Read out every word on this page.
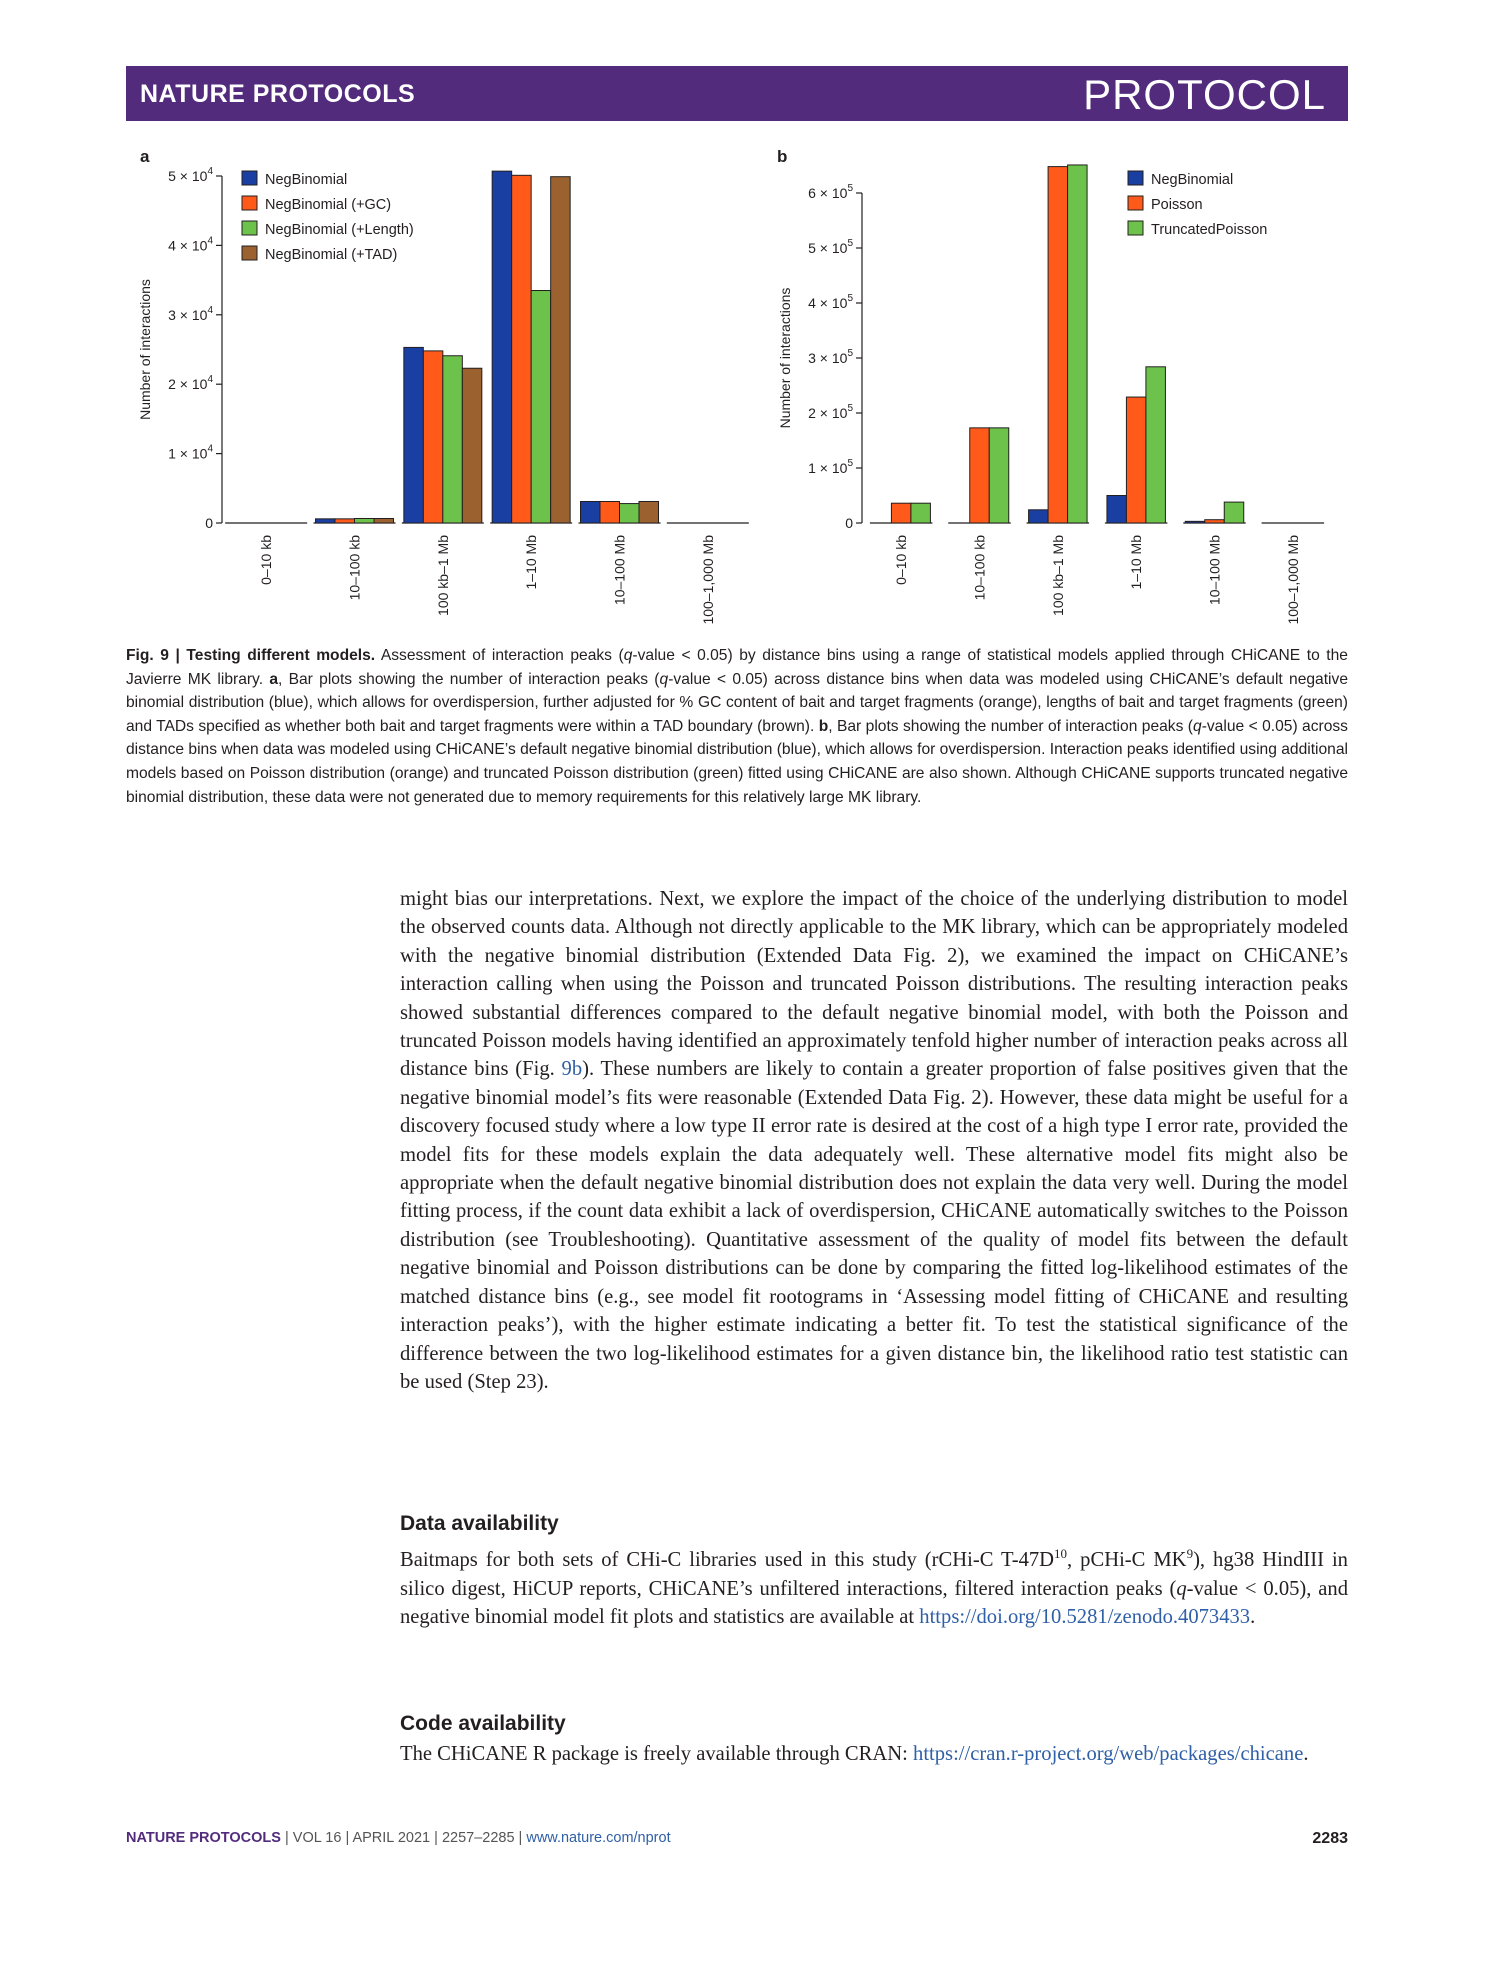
NATURE PROTOCOLS	PROTOCOL
a
0
$1 \times 10^4$
$2 \times 10^4$
$3 \times 10^4$
$4 \times 10^4$
$5 \times 10^4$
Number of interactions
0–10 kb	10–100 kb	100 kb–1 Mb	1–10 Mb	10–100 Mb	100–1,000 Mb
NegBinomial
NegBinomial (+GC)
NegBinomial (+Length)
NegBinomial (+TAD)
b
0
$1 \times 10^5$
$2 \times 10^5$
$3 \times 10^5$
$4 \times 10^5$
$5 \times 10^5$
$6 \times 10^5$
Number of interactions
0–10 kb	10–100 kb	100 kb–1 Mb	1–10 Mb	10–100 Mb	100–1,000 Mb
NegBinomial
Poisson
TruncatedPoisson
Fig. 9 | Testing different models. Assessment of interaction peaks (q-value < 0.05) by distance bins using a range of statistical models applied through CHiCANE to the Javierre MK library. a, Bar plots showing the number of interaction peaks (q-value < 0.05) across distance bins when data was modeled using CHiCANE’s default negative binomial distribution (blue), which allows for overdispersion, further adjusted for % GC content of bait and target fragments (orange), lengths of bait and target fragments (green) and TADs specified as whether both bait and target fragments were within a TAD boundary (brown). b, Bar plots showing the number of interaction peaks (q-value < 0.05) across distance bins when data was modeled using CHiCANE’s default negative binomial distribution (blue), which allows for overdispersion. Interaction peaks identified using additional models based on Poisson distribution (orange) and truncated Poisson distribution (green) fitted using CHiCANE are also shown. Although CHiCANE supports truncated negative binomial distribution, these data were not generated due to memory requirements for this relatively large MK library.

might bias our interpretations. Next, we explore the impact of the choice of the underlying distribution to model the observed counts data. Although not directly applicable to the MK library, which can be appropriately modeled with the negative binomial distribution (Extended Data Fig. 2), we examined the impact on CHiCANE’s interaction calling when using the Poisson and truncated Poisson distributions. The resulting interaction peaks showed substantial differences compared to the default negative binomial model, with both the Poisson and truncated Poisson models having identified an approximately tenfold higher number of interaction peaks across all distance bins (Fig. 9b). These numbers are likely to contain a greater proportion of false positives given that the negative binomial model’s fits were reasonable (Extended Data Fig. 2). However, these data might be useful for a discovery focused study where a low type II error rate is desired at the cost of a high type I error rate, provided the model fits for these models explain the data adequately well. These alternative model fits might also be appropriate when the default negative binomial distribution does not explain the data very well. During the model fitting process, if the count data exhibit a lack of overdispersion, CHiCANE automatically switches to the Poisson distribution (see Troubleshooting). Quantitative assessment of the quality of model fits between the default negative binomial and Poisson distributions can be done by comparing the fitted log-likelihood estimates of the matched distance bins (e.g., see model fit rootograms in ‘Assessing model fitting of CHiCANE and resulting interaction peaks’), with the higher estimate indicating a better fit. To test the statistical significance of the difference between the two log-likelihood estimates for a given distance bin, the likelihood ratio test statistic can be used (Step 23).

Data availability

Baitmaps for both sets of CHi-C libraries used in this study (rCHi-C $T-47D^{10}$, pCHi-C $MK^9$), hg38 HindIII in silico digest, HiCUP reports, CHiCANE’s unfiltered interactions, filtered interaction peaks (q-value < 0.05), and negative binomial model fit plots and statistics are available at https://doi.org/10.5281/zenodo.4073433.

Code availability

The CHiCANE R package is freely available through CRAN: https://cran.r-project.org/web/packages/chicane.

NATURE PROTOCOLS | VOL 16 | APRIL 2021 | 2257–2285 | www.nature.com/nprot	2283
